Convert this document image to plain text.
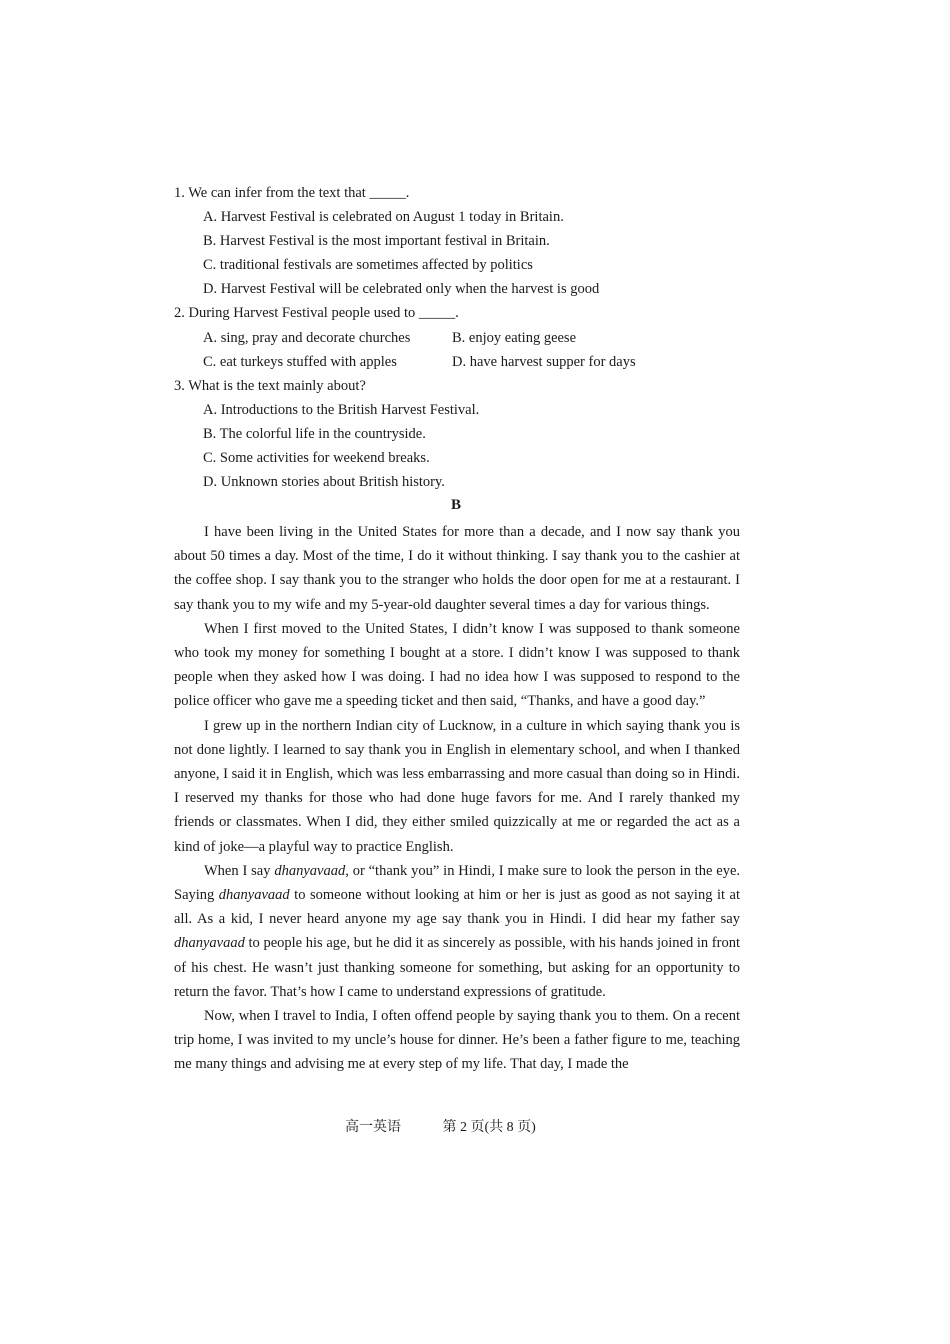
1. We can infer from the text that _____.
A. Harvest Festival is celebrated on August 1 today in Britain.
B. Harvest Festival is the most important festival in Britain.
C. traditional festivals are sometimes affected by politics
D. Harvest Festival will be celebrated only when the harvest is good
2. During Harvest Festival people used to _____.
A. sing, pray and decorate churches	B. enjoy eating geese
C. eat turkeys stuffed with apples	D. have harvest supper for days
3. What is the text mainly about?
A. Introductions to the British Harvest Festival.
B. The colorful life in the countryside.
C. Some activities for weekend breaks.
D. Unknown stories about British history.
B

I have been living in the United States for more than a decade, and I now say thank you about 50 times a day. Most of the time, I do it without thinking. I say thank you to the cashier at the coffee shop. I say thank you to the stranger who holds the door open for me at a restaurant. I say thank you to my wife and my 5-year-old daughter several times a day for various things.

When I first moved to the United States, I didn’t know I was supposed to thank someone who took my money for something I bought at a store. I didn’t know I was supposed to thank people when they asked how I was doing. I had no idea how I was supposed to respond to the police officer who gave me a speeding ticket and then said, “Thanks, and have a good day.”

I grew up in the northern Indian city of Lucknow, in a culture in which saying thank you is not done lightly. I learned to say thank you in English in elementary school, and when I thanked anyone, I said it in English, which was less embarrassing and more casual than doing so in Hindi. I reserved my thanks for those who had done huge favors for me. And I rarely thanked my friends or classmates. When I did, they either smiled quizzically at me or regarded the act as a kind of joke—a playful way to practice English.

When I say dhanyavaad, or “thank you” in Hindi, I make sure to look the person in the eye. Saying dhanyavaad to someone without looking at him or her is just as good as not saying it at all. As a kid, I never heard anyone my age say thank you in Hindi. I did hear my father say dhanyavaad to people his age, but he did it as sincerely as possible, with his hands joined in front of his chest. He wasn’t just thanking someone for something, but asking for an opportunity to return the favor. That’s how I came to understand expressions of gratitude.

Now, when I travel to India, I often offend people by saying thank you to them. On a recent trip home, I was invited to my uncle’s house for dinner. He’s been a father figure to me, teaching me many things and advising me at every step of my life. That day, I made the

高一英语	第 2 页(共 8 页)
